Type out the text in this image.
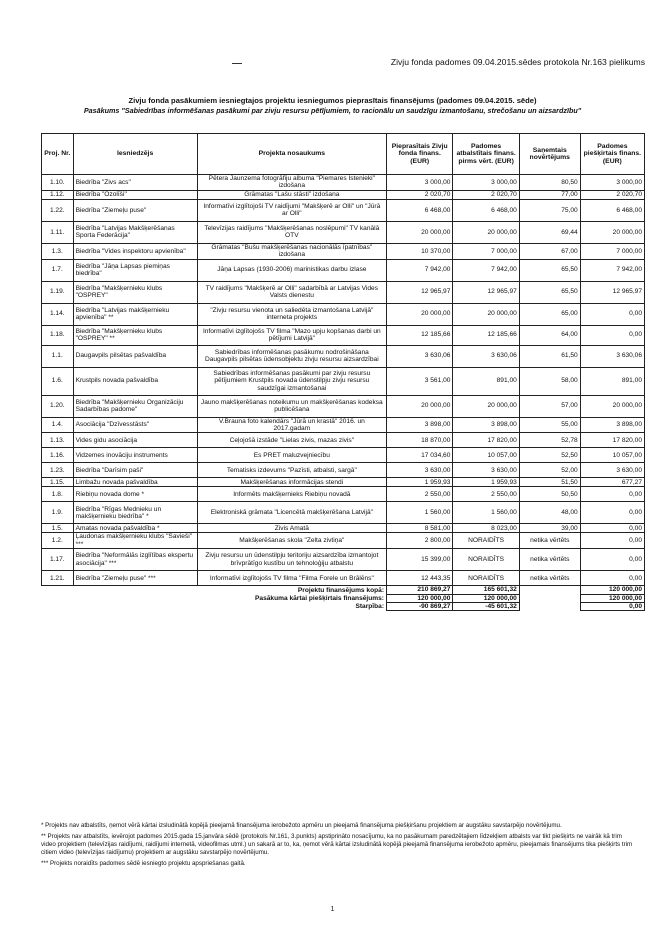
Zivju fonda padomes 09.04.2015.sēdes protokola Nr.163 pielikums
Zivju fonda pasākumiem iesniegtajos projektu iesniegumos pieprasītais finansējums (padomes 09.04.2015. sēde)
Pasākums "Sabiedrības informēšanas pasākumi par zivju resursu pētījumiem, to racionālu un saudzīgu izmantošanu, strečošanu un aizsardzību"
Proj. Nr.	Iesniedzējs	Projekta nosaukums	Pieprasītais Zivju fonda finans. (EUR)	Padomes atbalstītais finans. pirms vērt. (EUR)	Saņemtais novērtējums	Padomes piešķirtais finans. (EUR)
1.10.	Biedrība "Zivs acs"	Pētera Jaunzema fotogrāfiju albuma "Piemares Istenieki" izdošana	3 000,00	3 000,00	80,50	3 000,00
1.12.	Biedrība "Ozolīši"	Grāmatas "Lašu stāsti" izdošana	2 020,70	2 020,70	77,00	2 020,70
1.22.	Biedrība "Ziemeļu puse"	Informatīvi izglītojoši TV raidījumi "Makšķerē ar Olli" un "Jūrā ar Olli"	6 468,00	6 468,00	75,00	6 468,00
1.11.	Biedrība "Latvijas Makšķerēšanas Sporta Federācija"	Televīzijas raidījums "Makšķerēšanas noslēpumi" TV kanālā OTV	20 000,00	20 000,00	69,44	20 000,00
1.3.	Biedrība "Vides inspektoru apvienība"	Grāmatas "Bušu makšķerēšanas nacionālās īpatnības" izdošana	10 370,00	7 000,00	67,00	7 000,00
1.7.	Biedrība "Jāņa Lapsas piemiņas biedrība"	Jāņa Lapsas (1930-2006) marinistikas darbu izlase	7 942,00	7 942,00	65,50	7 942,00
1.19.	Biedrība "Makšķernieku klubs "OSPREY"	TV raidījums "Makšķerē ar Olli" sadarbībā ar Latvijas Vides Valsts dienestu	12 965,97	12 965,97	65,50	12 965,97
1.14.	Biedrība "Latvijas makšķernieku apvienība" **	"Zivju resursu vienota un saliedēta izmantošana Latvijā" interneta projekts	20 000,00	20 000,00	65,00	0,00
1.18.	Biedrība "Makšķernieku klubs "OSPREY" **	Informatīvi izglītojošs TV filma "Mazo upju kopšanas darbi un pētījumi Latvijā"	12 185,66	12 185,66	64,00	0,00
1.1.	Daugavpils pilsētas pašvaldība	Sabiedrības informēšanas pasākumu nodrošināšana Daugavpils pilsētas ūdensobjektu zivju resursu aizsardzībai	3 630,06	3 630,06	61,50	3 630,06
1.6.	Krustpils novada pašvaldība	Sabiedrības informēšanas pasākumi par zivju resursu pētījumiem Krustpils novada ūdenstilpju zivju resursu saudzīgai izmantošanai	3 561,00	891,00	58,00	891,00
1.20.	Biedrība "Makšķernieku Organizāciju Sadarbības padome"	Jauno makšķerēšanas noteikumu un makšķerēšanas kodeksa publicēšana	20 000,00	20 000,00	57,00	20 000,00
1.4.	Asociācija "Dzīvesstāsts"	V.Brauna foto kalendārs "Jūrā un krastā" 2016. un 2017.gadam	3 898,00	3 898,00	55,00	3 898,00
1.13.	Vides gidu asociācija	Ceļojošā izstāde "Lielas zivis, mazas zivis"	18 870,00	17 820,00	52,78	17 820,00
1.16.	Vidzemes inovāciju instruments	Es PRET maluzvejniecību	17 034,60	10 057,00	52,50	10 057,00
1.23.	Biedrība "Darīsim paši"	Tematisks izdevums "Pazīsti, atbalsti, sargā"	3 630,00	3 630,00	52,00	3 630,00
1.15.	Limbažu novada pašvaldība	Makšķerēšanas informācijas stendi	1 959,93	1 959,93	51,50	677,27
1.8.	Riebiņu novada dome *	Informēts makšķernieks Riebiņu novadā	2 550,00	2 550,00	50,50	0,00
1.9.	Biedrība "Rīgas Mednieku un makšķernieku biedrība" *	Elektroniskā grāmata "Licencētā makšķerēšana Latvijā"	1 560,00	1 560,00	48,00	0,00
1.5.	Amatas novada pašvaldība *	Zivis Amatā	8 581,00	8 023,00	39,00	0,00
1.2.	Ļaudonas makšķernieku klubs "Savieši" ***	Makšķerēšanas skola "Zelta zivtiņa"	2 800,00	NORAIDĪTS	netika vērtēts	0,00
1.17.	Biedrība "Neformālās izglītības ekspertu asociācija" ***	Zivju resursu un ūdenstilpju teritoriju aizsardzība izmantojot brīvprātīgo kustību un tehnoloģiju atbalstu	15 399,00	NORAIDĪTS	netika vērtēts	0,00
1.21.	Biedrība "Ziemeļu puse" ***	Informatīvi izglītojošs TV filma "Filma Forele un Brālēns"	12 443,35	NORAIDĪTS	netika vērtēts	0,00
Projektu finansējums kopā:			210 869,27	165 601,32		120 000,00
Pasākuma kārtai piešķirtais finansējums:			120 000,00	120 000,00		120 000,00
Starpība:			-90 869,27	-45 601,32		0,00

* Projekts nav atbalstīts, ņemot vērā kārtai izsludinātā kopējā pieejamā finansējuma ierobežoto apmēru un pieejamā finansējuma piešķiršanu projektiem ar augstāku savstarpējo novērtējumu.

** Projekts nav atbalstīts, ievērojot padomes 2015.gada 15.janvāra sēdē (protokols Nr.161, 3.punkts) apstiprināto nosacījumu, ka no pasākumam paredzētajiem līdzekļiem atbalsts var tikt piešķirts ne vairāk kā trim video projektiem (televīzijas raidījumi, raidījumi internetā, videofilmas utml.) un sakarā ar to, ka, ņemot vērā kārtai izsludinātā kopējā pieejamā finansējuma ierobežoto apmēru, pieejamais finansējums tika piešķirts trim citiem video (televīzijas raidījumu) projektiem ar augstāku savstarpējo novērtējumu.

*** Projekts noraidīts padomes sēdē iesniegto projektu apspriešanas gaitā.

1
